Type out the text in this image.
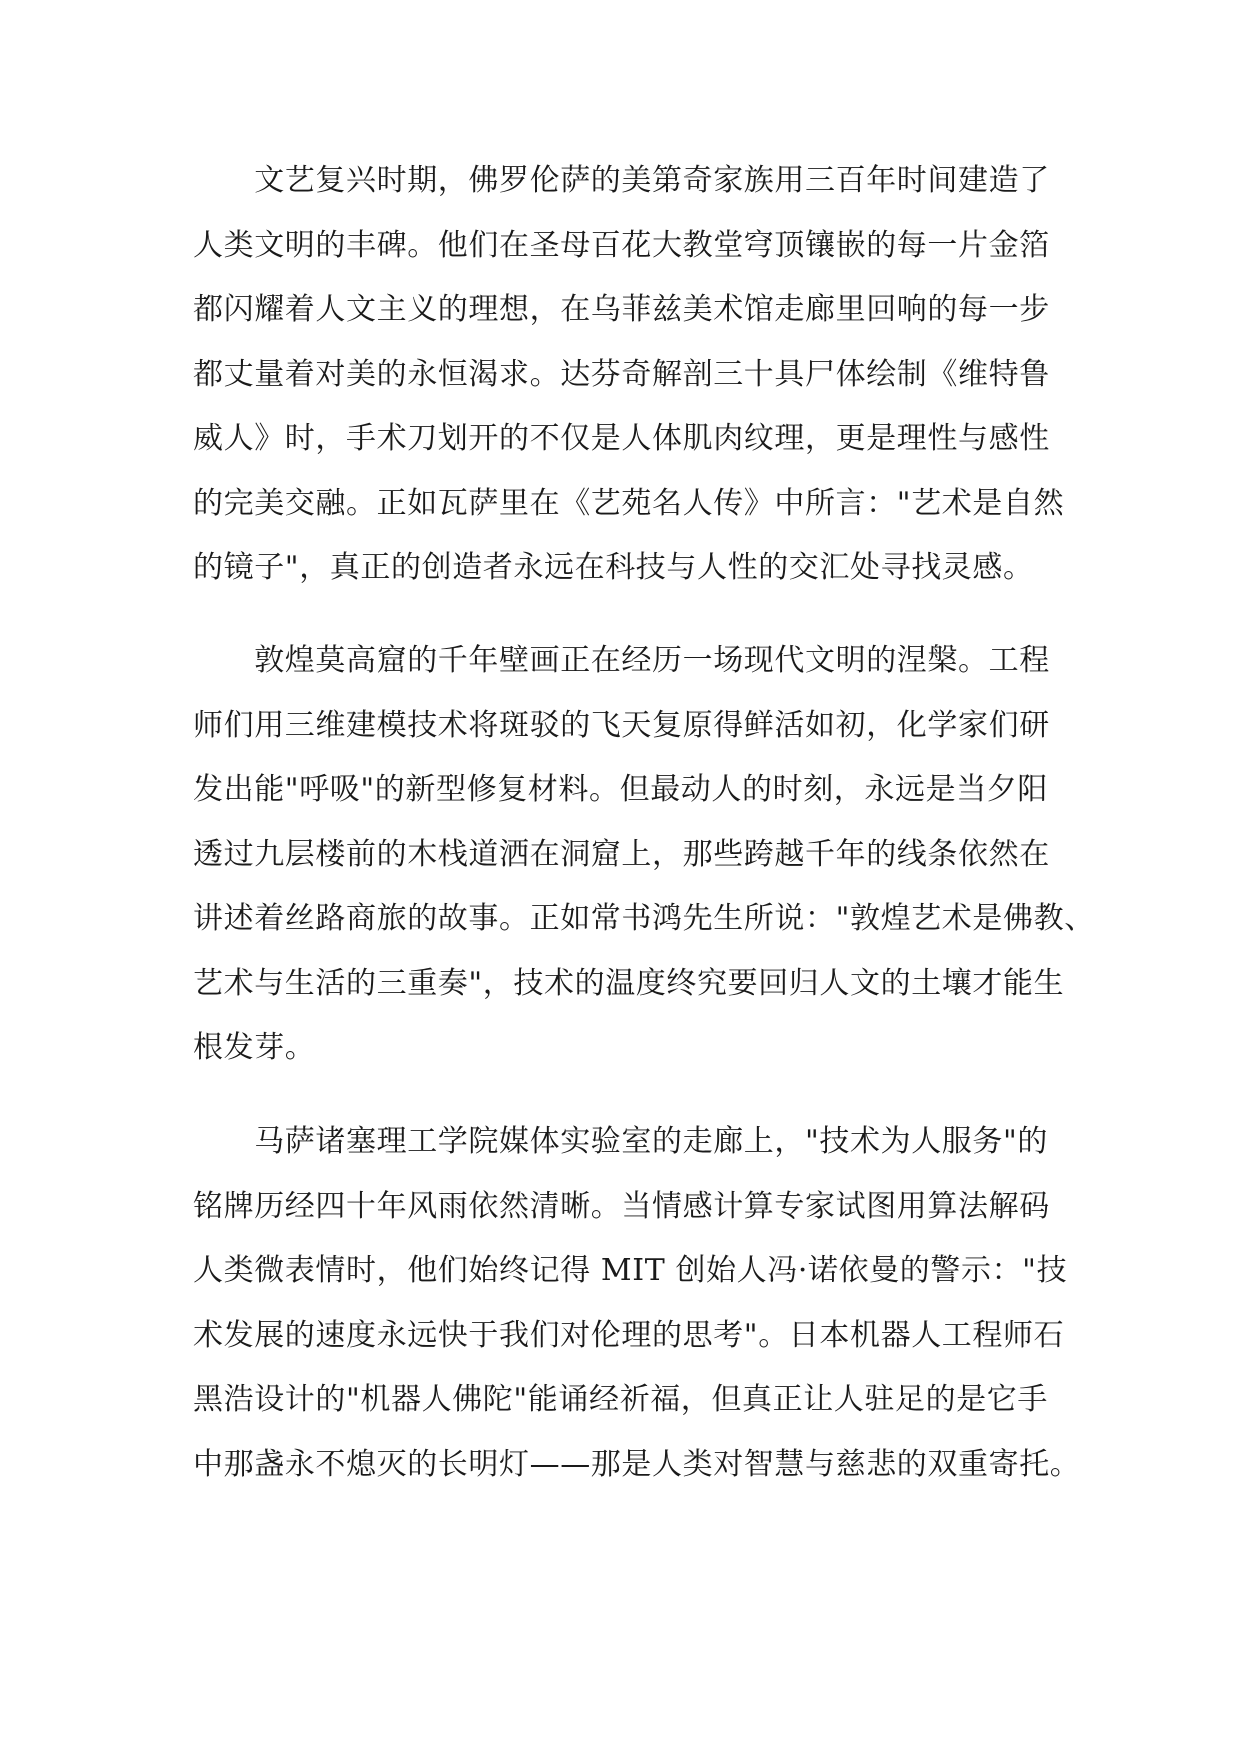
　　文艺复兴时期，佛罗伦萨的美第奇家族用三百年时间建造了
人类文明的丰碑。他们在圣母百花大教堂穹顶镶嵌的每一片金箔
都闪耀着人文主义的理想，在乌菲兹美术馆走廊里回响的每一步
都丈量着对美的永恒渴求。达芬奇解剖三十具尸体绘制《维特鲁
威人》时，手术刀划开的不仅是人体肌肉纹理，更是理性与感性
的完美交融。正如瓦萨里在《艺苑名人传》中所言："艺术是自然
的镜子"，真正的创造者永远在科技与人性的交汇处寻找灵感。
　　敦煌莫高窟的千年壁画正在经历一场现代文明的涅槃。工程
师们用三维建模技术将斑驳的飞天复原得鲜活如初，化学家们研
发出能"呼吸"的新型修复材料。但最动人的时刻，永远是当夕阳
透过九层楼前的木栈道洒在洞窟上，那些跨越千年的线条依然在
讲述着丝路商旅的故事。正如常书鸿先生所说："敦煌艺术是佛教、
艺术与生活的三重奏"，技术的温度终究要回归人文的土壤才能生
根发芽。
　　马萨诸塞理工学院媒体实验室的走廊上，"技术为人服务"的
铭牌历经四十年风雨依然清晰。当情感计算专家试图用算法解码
人类微表情时，他们始终记得 MIT 创始人冯·诺依曼的警示："技
术发展的速度永远快于我们对伦理的思考"。日本机器人工程师石
黑浩设计的"机器人佛陀"能诵经祈福，但真正让人驻足的是它手
中那盏永不熄灭的长明灯——那是人类对智慧与慈悲的双重寄托。
